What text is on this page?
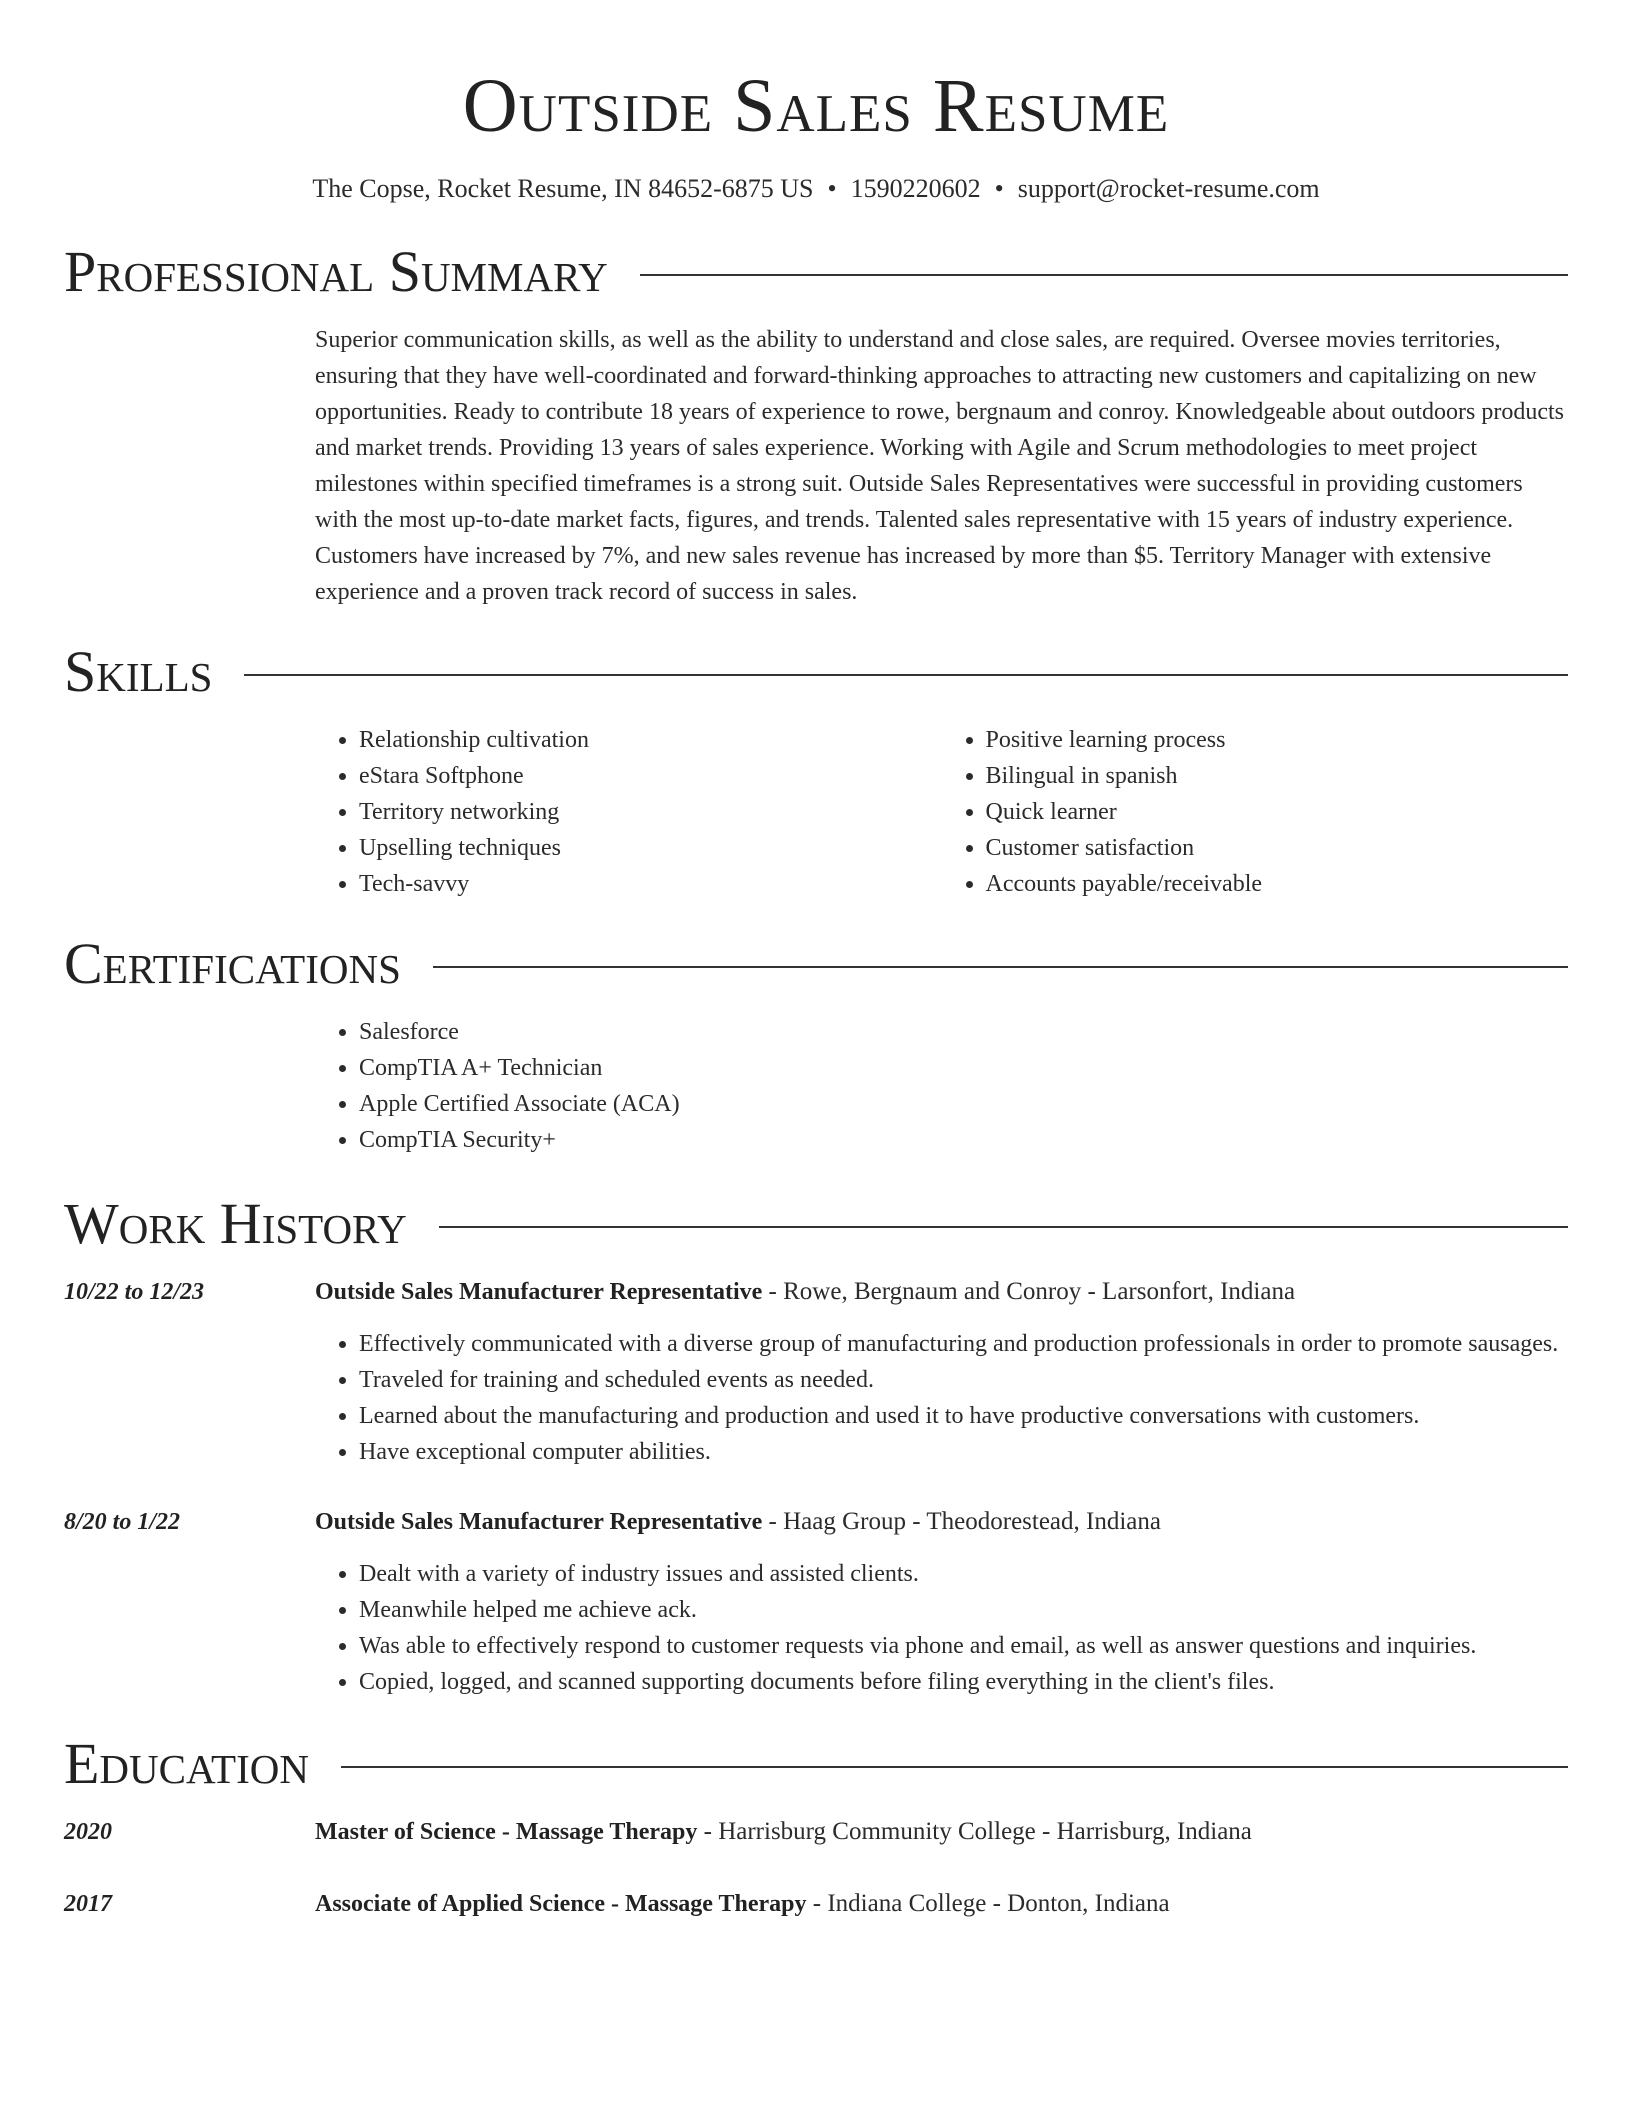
Outside Sales Resume
The Copse, Rocket Resume, IN 84652-6875 US • 1590220602 • support@rocket-resume.com
Professional Summary

Superior communication skills, as well as the ability to understand and close sales, are required. Oversee movies territories, ensuring that they have well-coordinated and forward-thinking approaches to attracting new customers and capitalizing on new opportunities. Ready to contribute 18 years of experience to rowe, bergnaum and conroy. Knowledgeable about outdoors products and market trends. Providing 13 years of sales experience. Working with Agile and Scrum methodologies to meet project milestones within specified timeframes is a strong suit. Outside Sales Representatives were successful in providing customers with the most up-to-date market facts, figures, and trends. Talented sales representative with 15 years of industry experience. Customers have increased by 7%, and new sales revenue has increased by more than $5. Territory Manager with extensive experience and a proven track record of success in sales.

Skills
• Relationship cultivation
• eStara Softphone
• Territory networking
• Upselling techniques
• Tech-savvy
• Positive learning process
• Bilingual in spanish
• Quick learner
• Customer satisfaction
• Accounts payable/receivable
Certifications
• Salesforce
• CompTIA A+ Technician
• Apple Certified Associate (ACA)
• CompTIA Security+
Work History
10/22 to 12/23	Outside Sales Manufacturer Representative - Rowe, Bergnaum and Conroy - Larsonfort, Indiana
• Effectively communicated with a diverse group of manufacturing and production professionals in order to promote sausages.
• Traveled for training and scheduled events as needed.
• Learned about the manufacturing and production and used it to have productive conversations with customers.
• Have exceptional computer abilities.
8/20 to 1/22	Outside Sales Manufacturer Representative - Haag Group - Theodorestead, Indiana
• Dealt with a variety of industry issues and assisted clients.
• Meanwhile helped me achieve ack.
• Was able to effectively respond to customer requests via phone and email, as well as answer questions and inquiries.
• Copied, logged, and scanned supporting documents before filing everything in the client's files.
Education
2020	Master of Science - Massage Therapy - Harrisburg Community College - Harrisburg, Indiana
2017	Associate of Applied Science - Massage Therapy - Indiana College - Donton, Indiana
